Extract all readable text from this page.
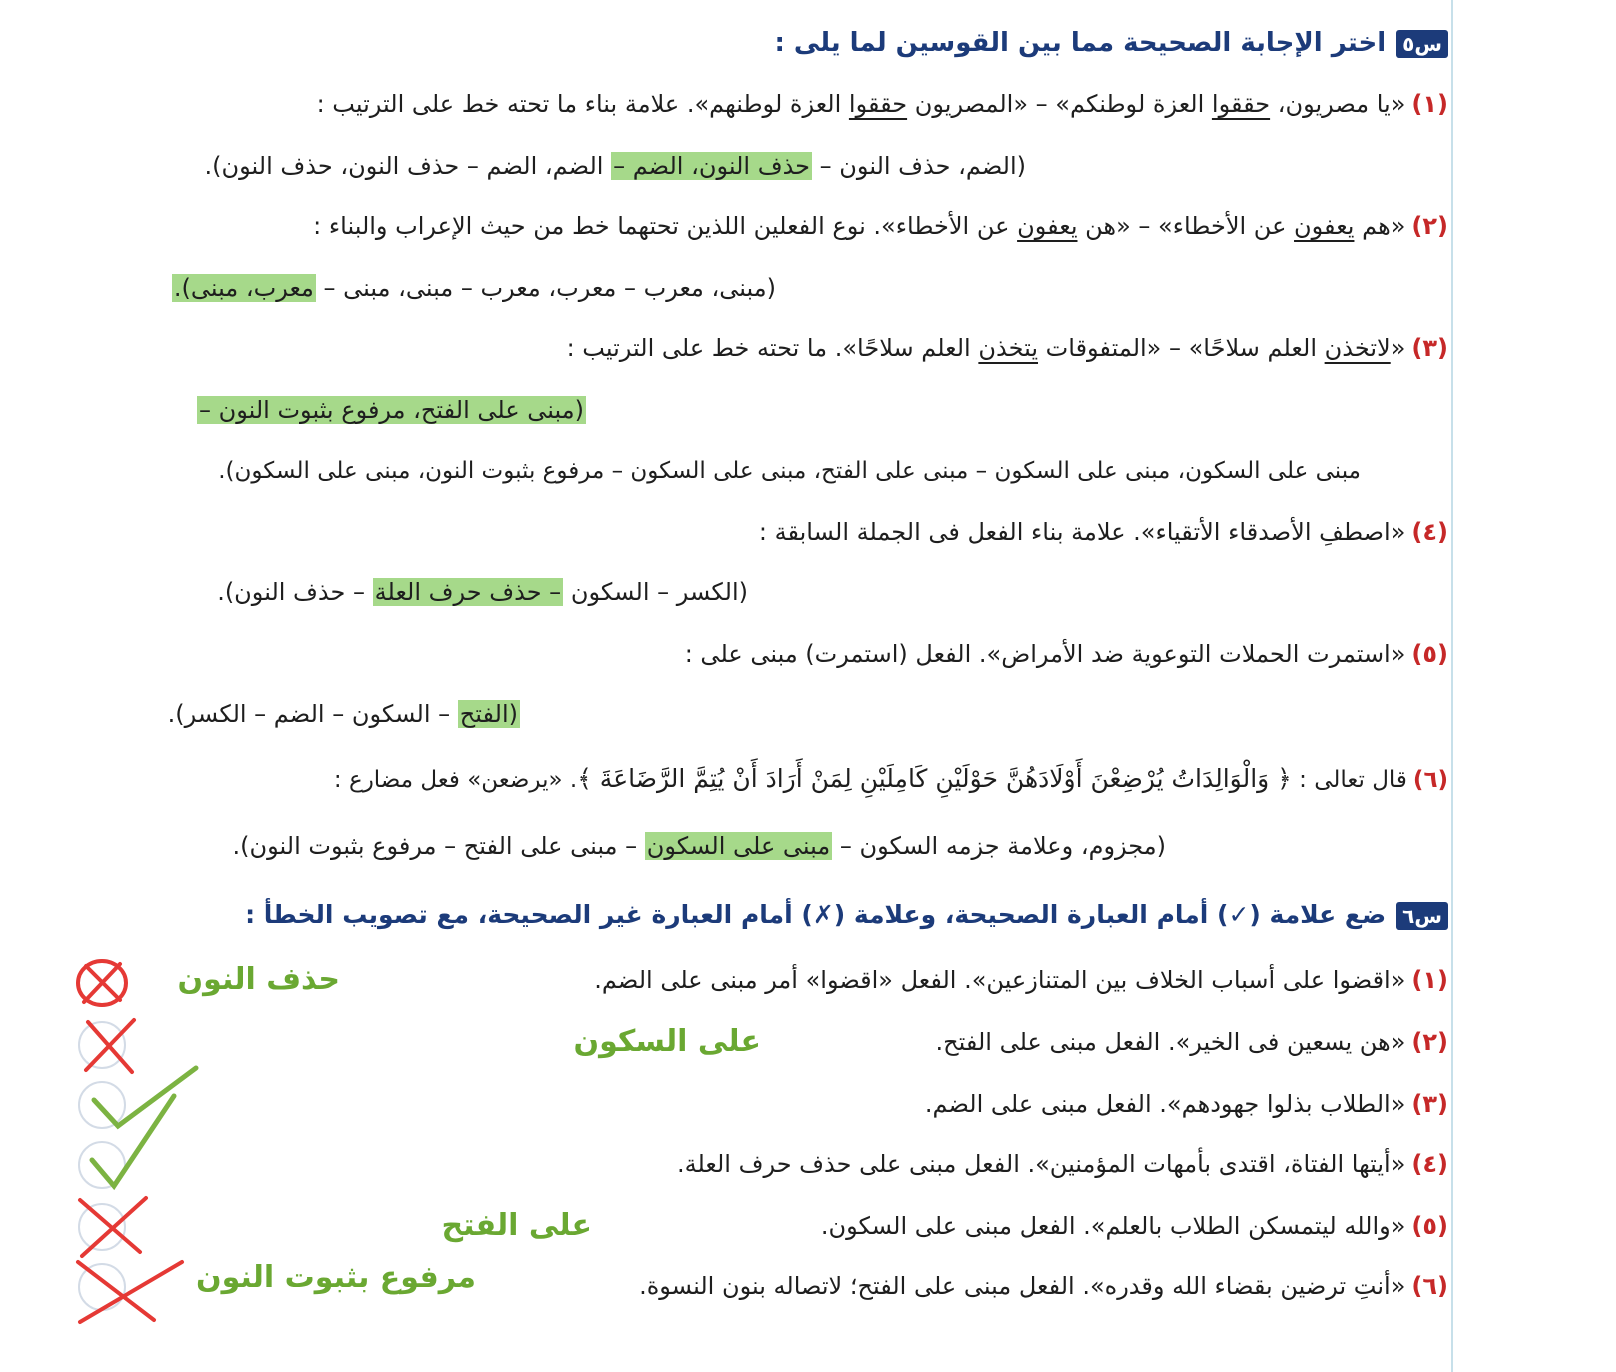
س٥اختر الإجابة الصحيحة مما بين القوسين لما يلى :
(١)«يا مصريون، حققوا العزة لوطنكم» – «المصريون حققوا العزة لوطنهم». علامة بناء ما تحته خط على الترتيب :
(الضم، حذف النون – حذف النون، الضم – الضم، الضم – حذف النون، حذف النون).
(٢)«هم يعفون عن الأخطاء» – «هن يعفون عن الأخطاء». نوع الفعلين اللذين تحتهما خط من حيث الإعراب والبناء :
(مبنى، معرب – معرب، معرب – مبنى، مبنى – معرب، مبنى).
(٣)«لاتخذن العلم سلاحًا» – «المتفوقات يتخذن العلم سلاحًا». ما تحته خط على الترتيب :
(مبنى على الفتح، مرفوع بثبوت النون –
مبنى على السكون، مبنى على السكون – مبنى على الفتح، مبنى على السكون – مرفوع بثبوت النون، مبنى على السكون).
(٤)«اصطفِ الأصدقاء الأتقياء». علامة بناء الفعل فى الجملة السابقة :
(الكسر – السكون – حذف حرف العلة – حذف النون).
(٥)«استمرت الحملات التوعوية ضد الأمراض». الفعل (استمرت) مبنى على :
(الفتح – السكون – الضم – الكسر).
(٦)قال تعالى : ﴿ وَالْوَالِدَاتُ يُرْضِعْنَ أَوْلَادَهُنَّ حَوْلَيْنِ كَامِلَيْنِ لِمَنْ أَرَادَ أَنْ يُتِمَّ الرَّضَاعَةَ ﴾. «يرضعن» فعل مضارع :
(مجزوم، وعلامة جزمه السكون – مبنى على السكون – مبنى على الفتح – مرفوع بثبوت النون).
س٦ضع علامة (✓) أمام العبارة الصحيحة، وعلامة (✗) أمام العبارة غير الصحيحة، مع تصويب الخطأ :
(١)«اقضوا على أسباب الخلاف بين المتنازعين». الفعل «اقضوا» أمر مبنى على الضم.
حذف النون
(٢)«هن يسعين فى الخير». الفعل مبنى على الفتح.
على السكون
(٣)«الطلاب بذلوا جهودهم». الفعل مبنى على الضم.
(٤)«أيتها الفتاة، اقتدى بأمهات المؤمنين». الفعل مبنى على حذف حرف العلة.
(٥)«والله ليتمسكن الطلاب بالعلم». الفعل مبنى على السكون.
على الفتح
(٦)«أنتِ ترضين بقضاء الله وقدره». الفعل مبنى على الفتح؛ لاتصاله بنون النسوة.
مرفوع بثبوت النون
